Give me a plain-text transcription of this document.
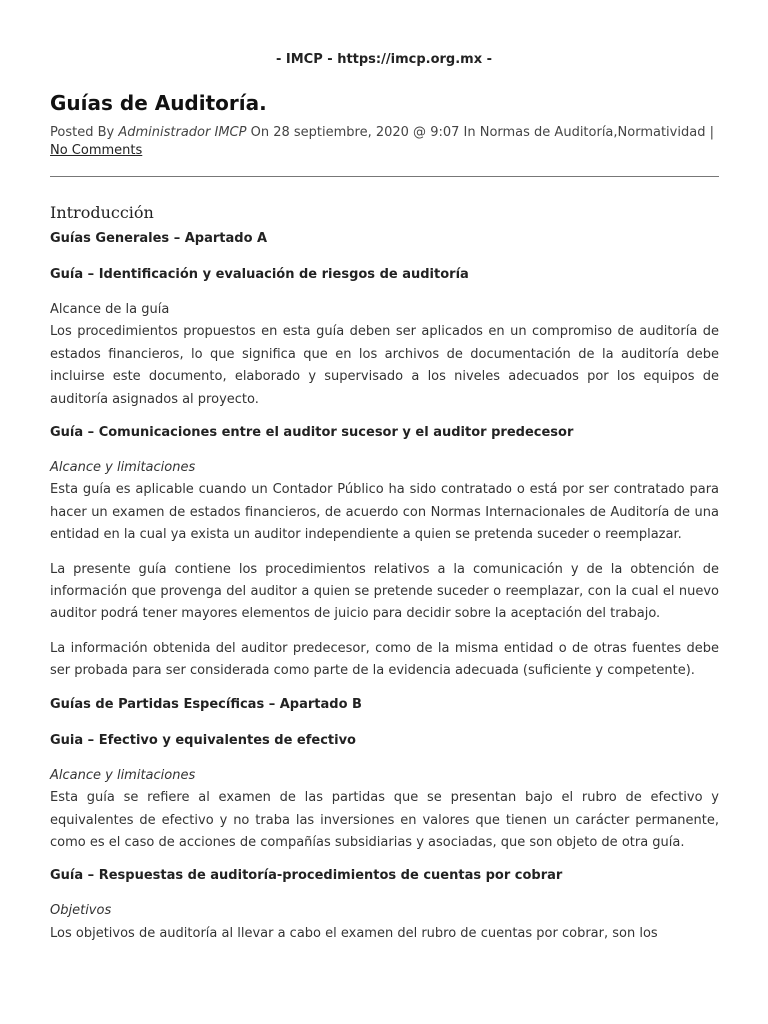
- IMCP - https://imcp.org.mx -
Guías de Auditoría.

Posted By Administrador IMCP On 28 septiembre, 2020 @ 9:07 In Normas de Auditoría,Normatividad | No Comments

Introducción
Guías Generales – Apartado A
Guía – Identificación y evaluación de riesgos de auditoría

Alcance de la guía
Los procedimientos propuestos en esta guía deben ser aplicados en un compromiso de auditoría de estados financieros, lo que significa que en los archivos de documentación de la auditoría debe incluirse este documento, elaborado y supervisado a los niveles adecuados por los equipos de auditoría asignados al proyecto.

Guía – Comunicaciones entre el auditor sucesor y el auditor predecesor

Alcance y limitaciones
Esta guía es aplicable cuando un Contador Público ha sido contratado o está por ser contratado para hacer un examen de estados financieros, de acuerdo con Normas Internacionales de Auditoría de una entidad en la cual ya exista un auditor independiente a quien se pretenda suceder o reemplazar.

La presente guía contiene los procedimientos relativos a la comunicación y de la obtención de información que provenga del auditor a quien se pretende suceder o reemplazar, con la cual el nuevo auditor podrá tener mayores elementos de juicio para decidir sobre la aceptación del trabajo.

La información obtenida del auditor predecesor, como de la misma entidad o de otras fuentes debe ser probada para ser considerada como parte de la evidencia adecuada (suficiente y competente).

Guías de Partidas Específicas – Apartado B
Guia – Efectivo y equivalentes de efectivo

Alcance y limitaciones
Esta guía se refiere al examen de las partidas que se presentan bajo el rubro de efectivo y equivalentes de efectivo y no traba las inversiones en valores que tienen un carácter permanente, como es el caso de acciones de compañías subsidiarias y asociadas, que son objeto de otra guía.

Guía – Respuestas de auditoría-procedimientos de cuentas por cobrar

Objetivos
Los objetivos de auditoría al llevar a cabo el examen del rubro de cuentas por cobrar, son los
